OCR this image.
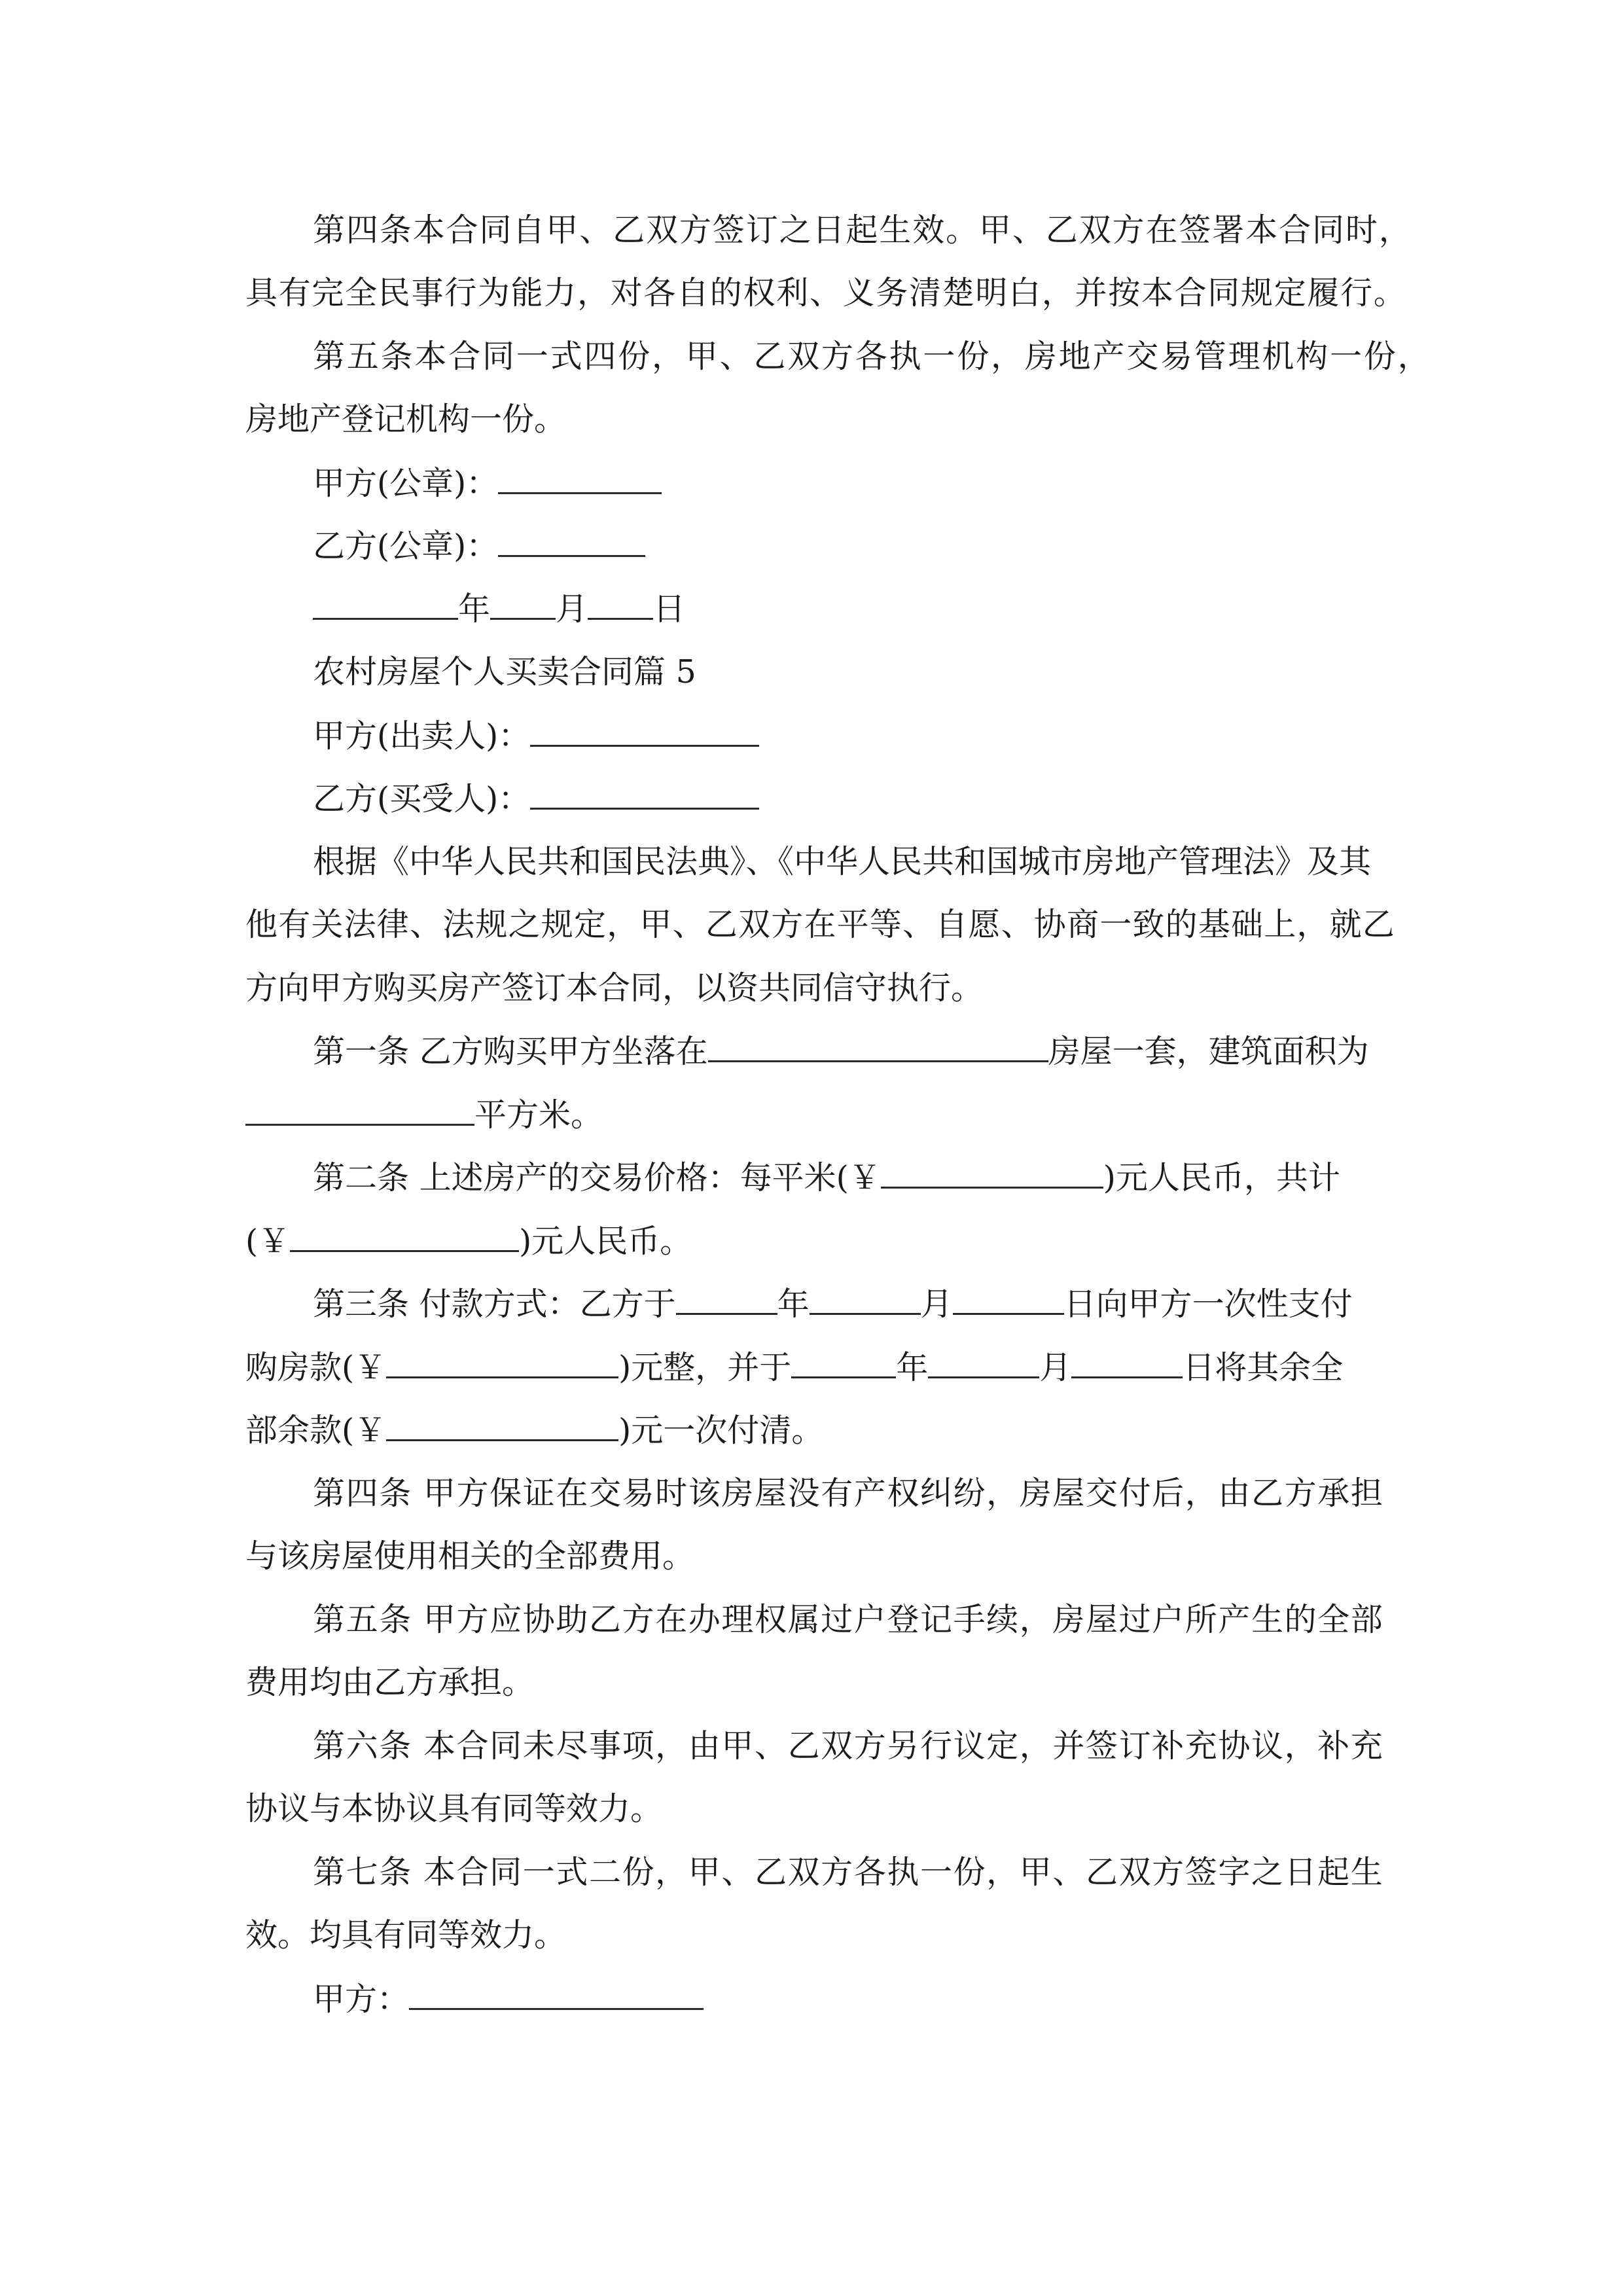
第四条本合同自甲、乙双方签订之日起生效。甲、乙双方在签署本合同时，
具有完全民事行为能力，对各自的权利、义务清楚明白，并按本合同规定履行。
第五条本合同一式四份，甲、乙双方各执一份，房地产交易管理机构一份，
房地产登记机构一份。
甲方(公章)：
乙方(公章)：
年 月 日
农村房屋个人买卖合同篇 5
甲方(出卖人)：
乙方(买受人)：
根据《中华人民共和国民法典》、《中华人民共和国城市房地产管理法》及其
他有关法律、法规之规定，甲、乙双方在平等、自愿、协商一致的基础上，就乙
方向甲方购买房产签订本合同，以资共同信守执行。
第一条 乙方购买甲方坐落在	房屋一套，建筑面积为
平方米。
第二条 上述房产的交易价格：每平米(￥	)元人民币，共计
(￥	)元人民币。
第三条 付款方式：乙方于	年	月	日向甲方一次性支付
购房款(￥	)元整，并于	年	月	日将其余全
部余款(￥	)元一次付清。
第四条 甲方保证在交易时该房屋没有产权纠纷，房屋交付后，由乙方承担
与该房屋使用相关的全部费用。
第五条 甲方应协助乙方在办理权属过户登记手续，房屋过户所产生的全部
费用均由乙方承担。
第六条 本合同未尽事项，由甲、乙双方另行议定，并签订补充协议，补充
协议与本协议具有同等效力。
第七条 本合同一式二份，甲、乙双方各执一份，甲、乙双方签字之日起生
效。均具有同等效力。
甲方：
